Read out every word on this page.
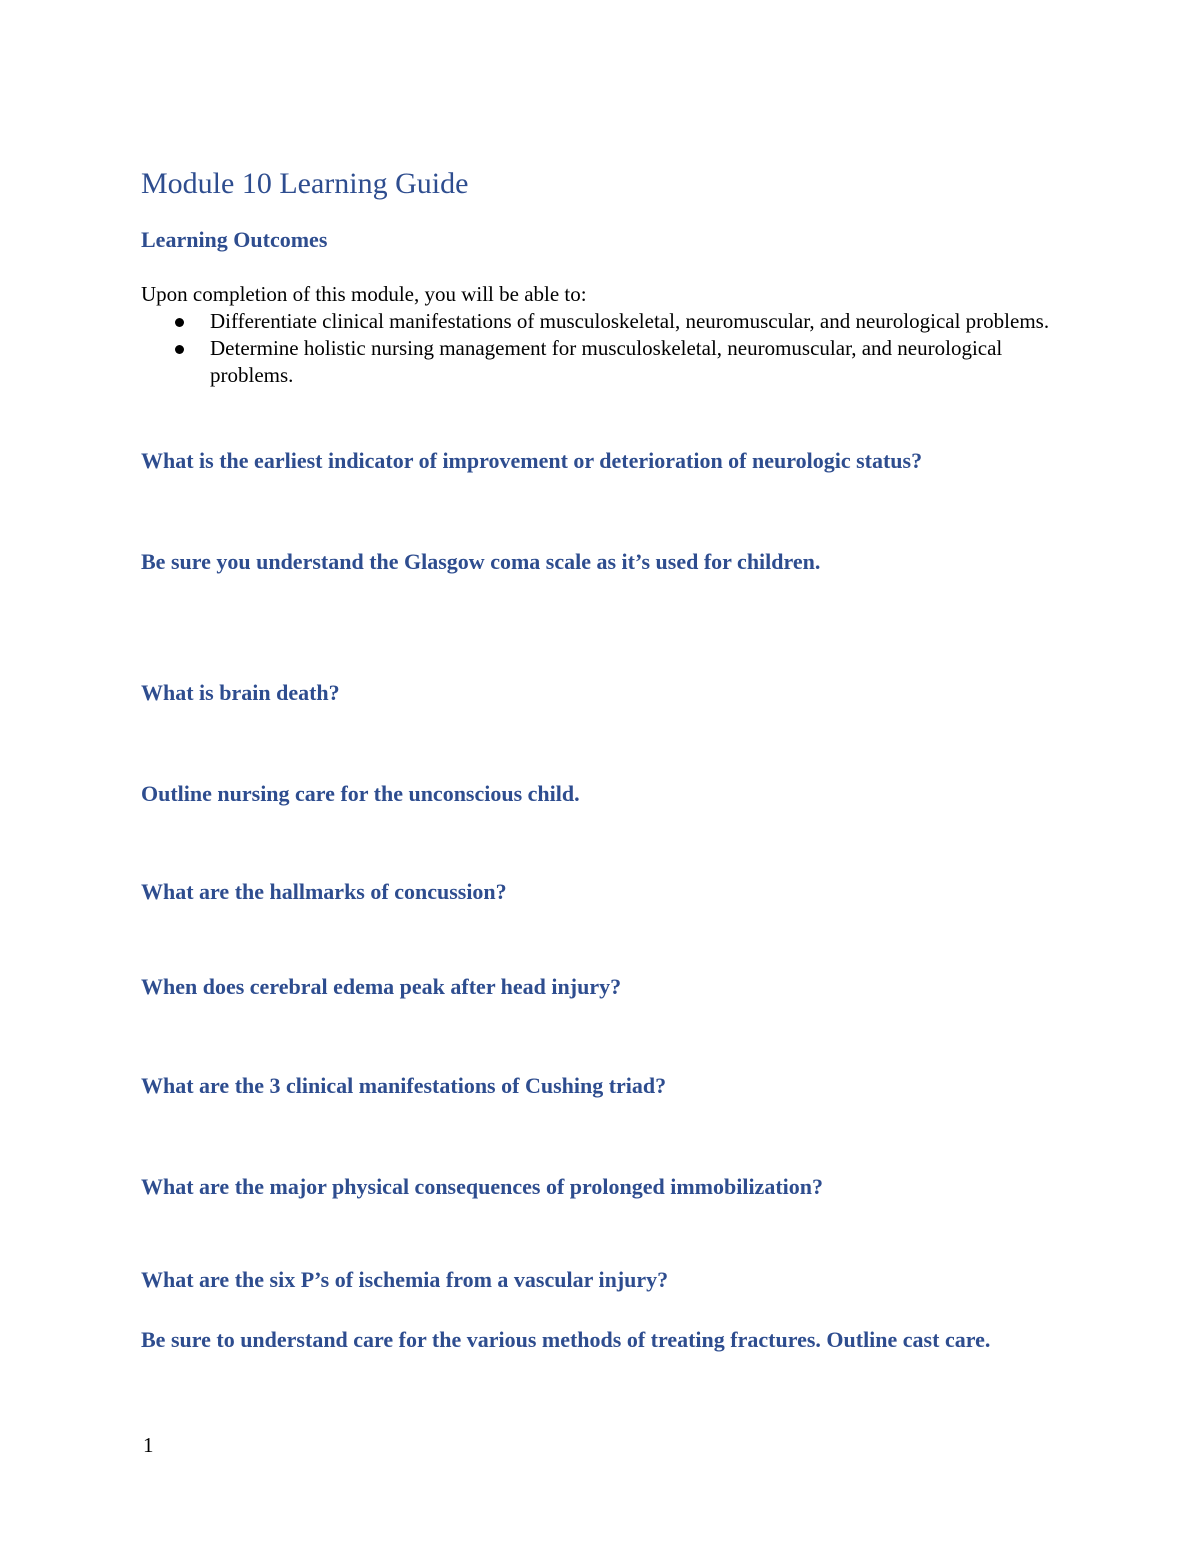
Module 10 Learning Guide
Learning Outcomes

Upon completion of this module, you will be able to:

Differentiate clinical manifestations of musculoskeletal, neuromuscular, and neurological problems.
Determine holistic nursing management for musculoskeletal, neuromuscular, and neurological problems.

What is the earliest indicator of improvement or deterioration of neurologic status?

Be sure you understand the Glasgow coma scale as it’s used for children.

What is brain death?

Outline nursing care for the unconscious child.

What are the hallmarks of concussion?

When does cerebral edema peak after head injury?

What are the 3 clinical manifestations of Cushing triad?

What are the major physical consequences of prolonged immobilization?

What are the six P’s of ischemia from a vascular injury?

Be sure to understand care for the various methods of treating fractures. Outline cast care.

1
